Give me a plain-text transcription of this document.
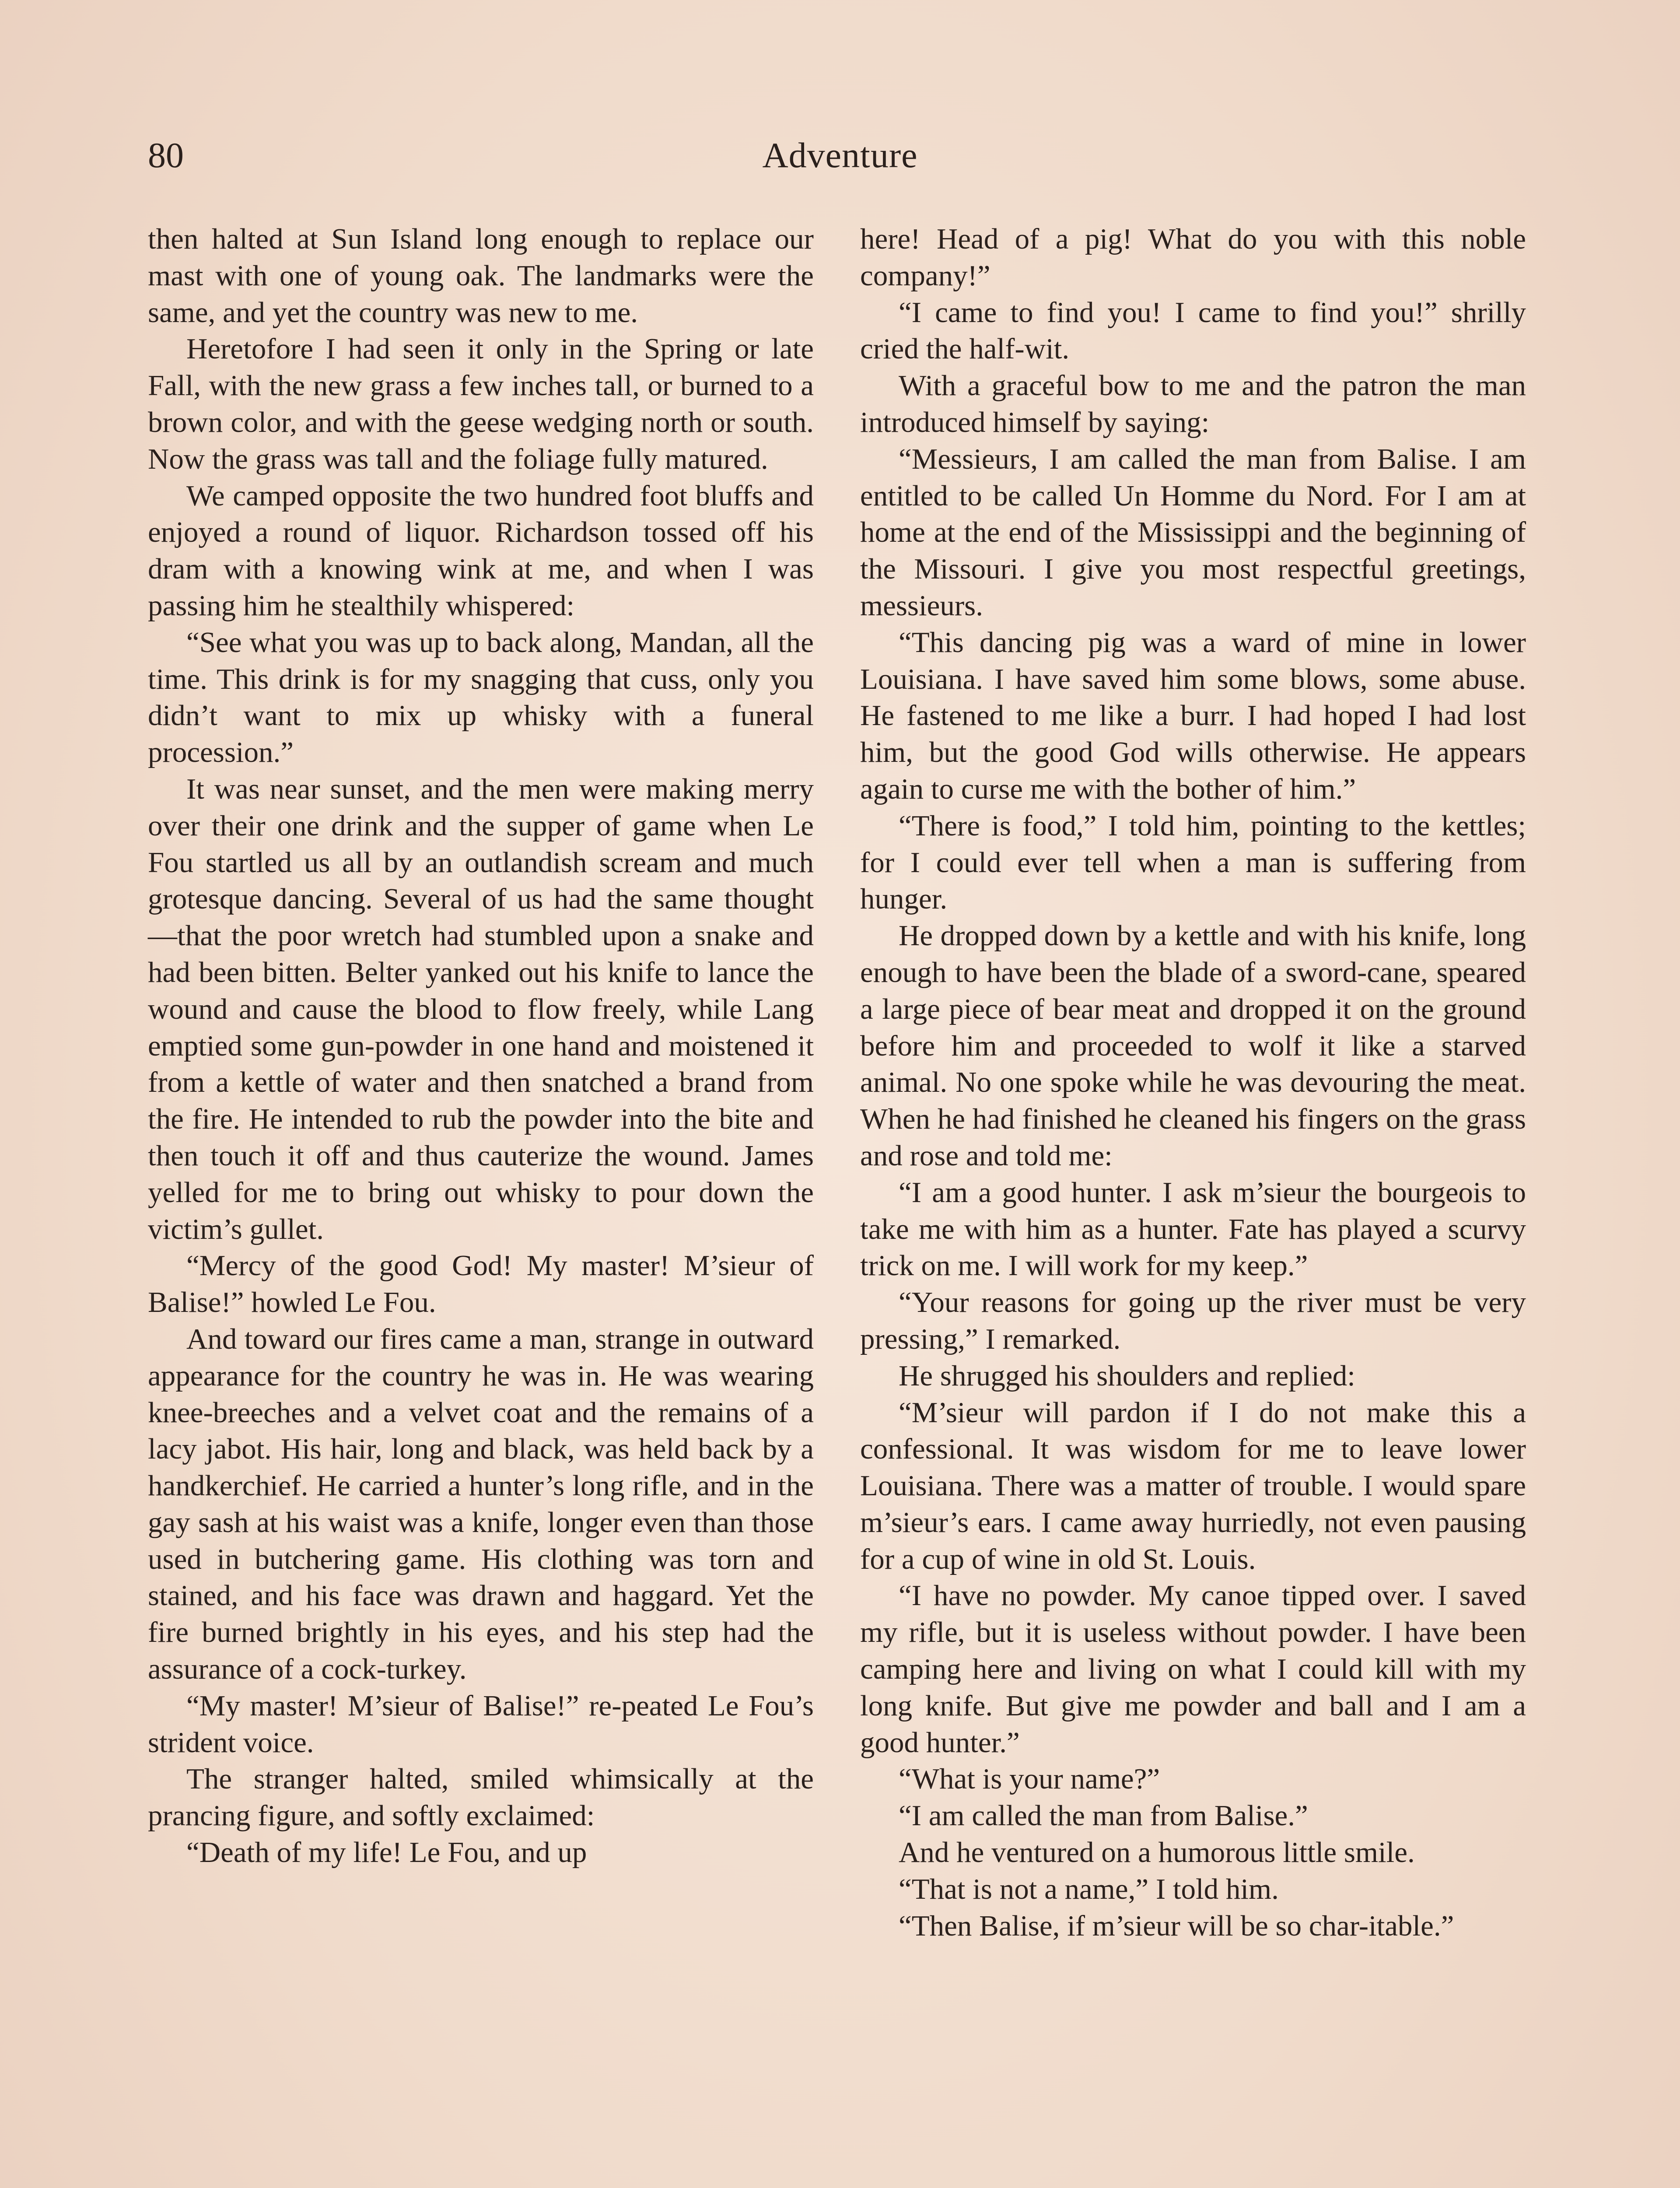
80	Adventure

then halted at Sun Island long enough to replace our mast with one of young oak. The landmarks were the same, and yet the country was new to me.

Heretofore I had seen it only in the Spring or late Fall, with the new grass a few inches tall, or burned to a brown color, and with the geese wedging north or south. Now the grass was tall and the foliage fully matured.

We camped opposite the two hundred foot bluffs and enjoyed a round of liquor. Richardson tossed off his dram with a knowing wink at me, and when I was passing him he stealthily whispered:

“See what you was up to back along, Mandan, all the time. This drink is for my snagging that cuss, only you didn’t want to mix up whisky with a funeral procession.”

It was near sunset, and the men were making merry over their one drink and the supper of game when Le Fou startled us all by an outlandish scream and much grotesque dancing. Several of us had the same thought—that the poor wretch had stumbled upon a snake and had been bitten. Belter yanked out his knife to lance the wound and cause the blood to flow freely, while Lang emptied some gun-powder in one hand and moistened it from a kettle of water and then snatched a brand from the fire. He intended to rub the powder into the bite and then touch it off and thus cauterize the wound. James yelled for me to bring out whisky to pour down the victim’s gullet.

“Mercy of the good God! My master! M’sieur of Balise!” howled Le Fou.

And toward our fires came a man, strange in outward appearance for the country he was in. He was wearing knee-breeches and a velvet coat and the remains of a lacy jabot. His hair, long and black, was held back by a handkerchief. He carried a hunter’s long rifle, and in the gay sash at his waist was a knife, longer even than those used in butchering game. His clothing was torn and stained, and his face was drawn and haggard. Yet the fire burned brightly in his eyes, and his step had the assurance of a cock-turkey.

“My master! M’sieur of Balise!” re-peated Le Fou’s strident voice.

The stranger halted, smiled whimsically at the prancing figure, and softly exclaimed:

“Death of my life! Le Fou, and up

here! Head of a pig! What do you with this noble company!”

“I came to find you! I came to find you!” shrilly cried the half-wit.

With a graceful bow to me and the patron the man introduced himself by saying:

“Messieurs, I am called the man from Balise. I am entitled to be called Un Homme du Nord. For I am at home at the end of the Mississippi and the beginning of the Missouri. I give you most respectful greetings, messieurs.

“This dancing pig was a ward of mine in lower Louisiana. I have saved him some blows, some abuse. He fastened to me like a burr. I had hoped I had lost him, but the good God wills otherwise. He appears again to curse me with the bother of him.”

“There is food,” I told him, pointing to the kettles; for I could ever tell when a man is suffering from hunger.

He dropped down by a kettle and with his knife, long enough to have been the blade of a sword-cane, speared a large piece of bear meat and dropped it on the ground before him and proceeded to wolf it like a starved animal. No one spoke while he was devouring the meat. When he had finished he cleaned his fingers on the grass and rose and told me:

“I am a good hunter. I ask m’sieur the bourgeois to take me with him as a hunter. Fate has played a scurvy trick on me. I will work for my keep.”

“Your reasons for going up the river must be very pressing,” I remarked.

He shrugged his shoulders and replied:

“M’sieur will pardon if I do not make this a confessional. It was wisdom for me to leave lower Louisiana. There was a matter of trouble. I would spare m’sieur’s ears. I came away hurriedly, not even pausing for a cup of wine in old St. Louis.

“I have no powder. My canoe tipped over. I saved my rifle, but it is useless without powder. I have been camping here and living on what I could kill with my long knife. But give me powder and ball and I am a good hunter.”

“What is your name?”

“I am called the man from Balise.”

And he ventured on a humorous little smile.

“That is not a name,” I told him.

“Then Balise, if m’sieur will be so char-itable.”
